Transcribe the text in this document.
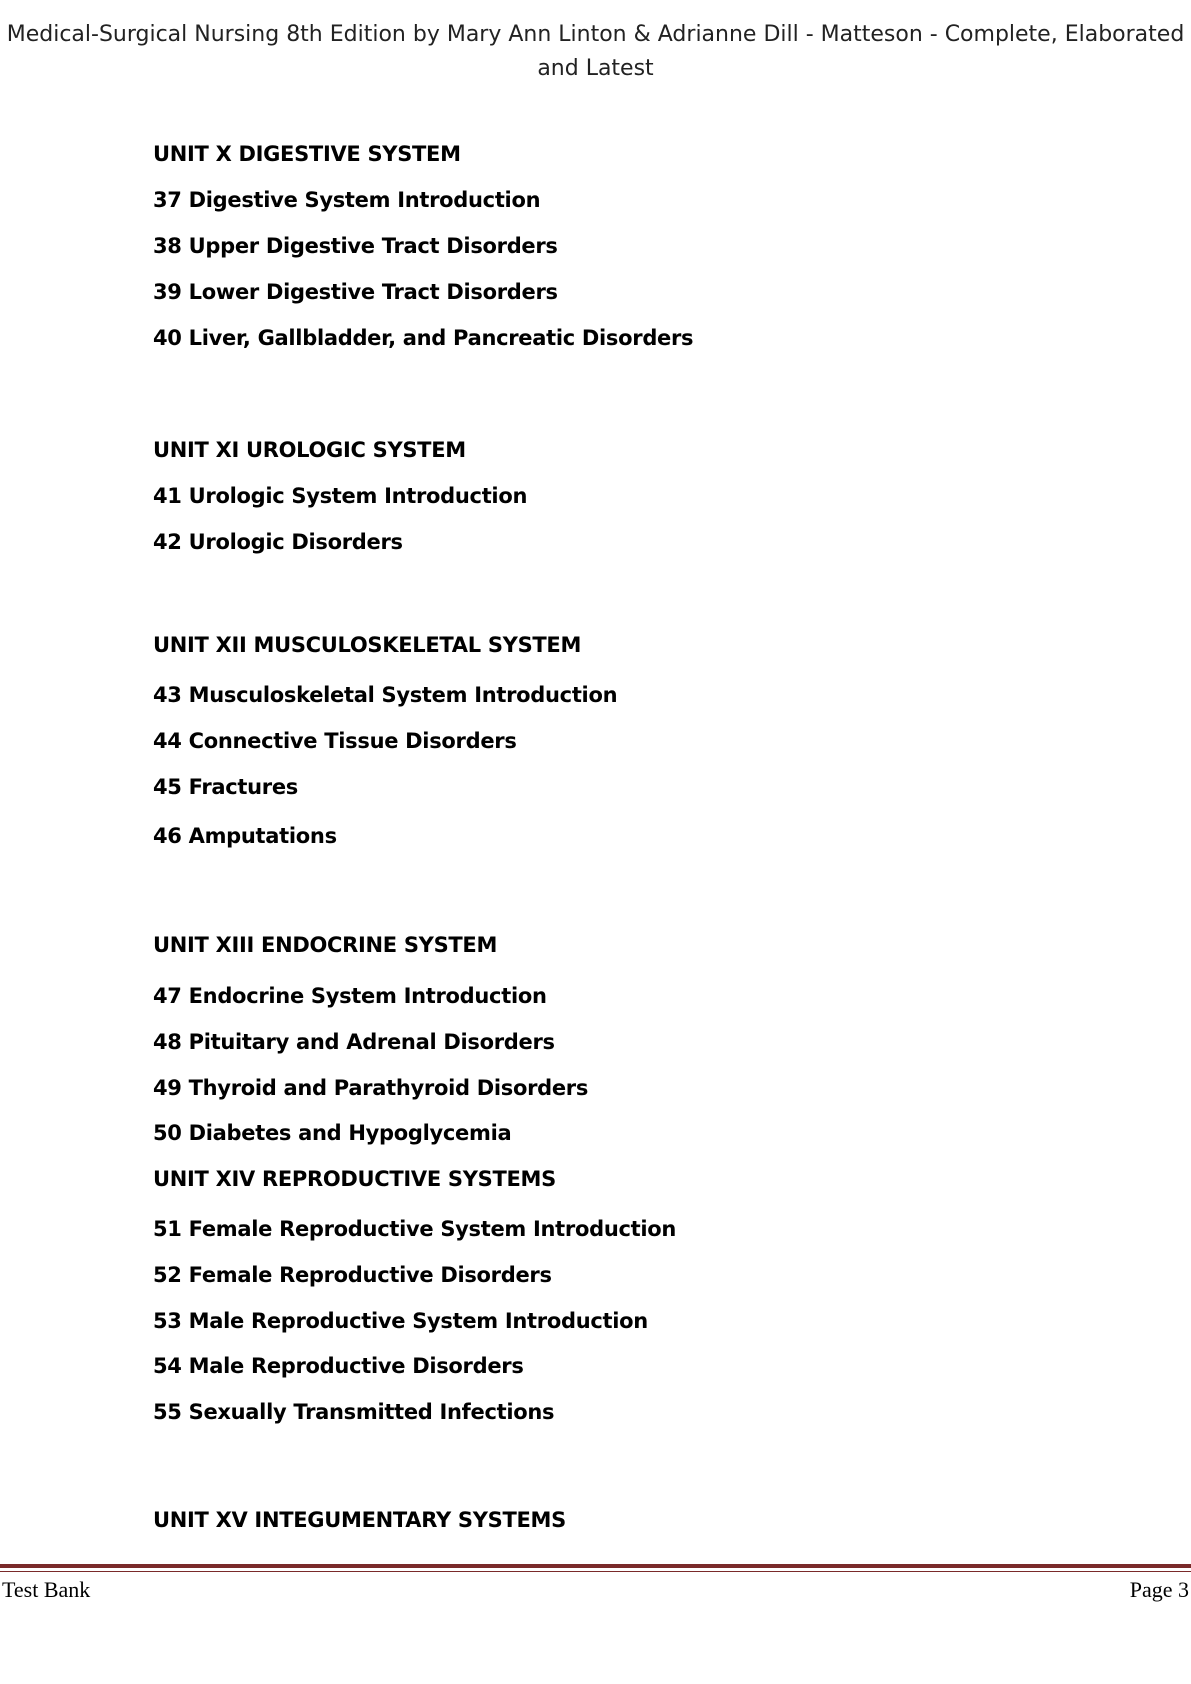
Medical-Surgical Nursing 8th Edition by Mary Ann Linton & Adrianne Dill - Matteson - Complete, Elaborated
and Latest
UNIT X DIGESTIVE SYSTEM
37 Digestive System Introduction
38 Upper Digestive Tract Disorders
39 Lower Digestive Tract Disorders
40 Liver, Gallbladder, and Pancreatic Disorders
UNIT XI UROLOGIC SYSTEM
41 Urologic System Introduction
42 Urologic Disorders
UNIT XII MUSCULOSKELETAL SYSTEM
43 Musculoskeletal System Introduction
44 Connective Tissue Disorders
45 Fractures
46 Amputations
UNIT XIII ENDOCRINE SYSTEM
47 Endocrine System Introduction
48 Pituitary and Adrenal Disorders
49 Thyroid and Parathyroid Disorders
50 Diabetes and Hypoglycemia
UNIT XIV REPRODUCTIVE SYSTEMS
51 Female Reproductive System Introduction
52 Female Reproductive Disorders
53 Male Reproductive System Introduction
54 Male Reproductive Disorders
55 Sexually Transmitted Infections
UNIT XV INTEGUMENTARY SYSTEMS
Test Bank	Page 3
